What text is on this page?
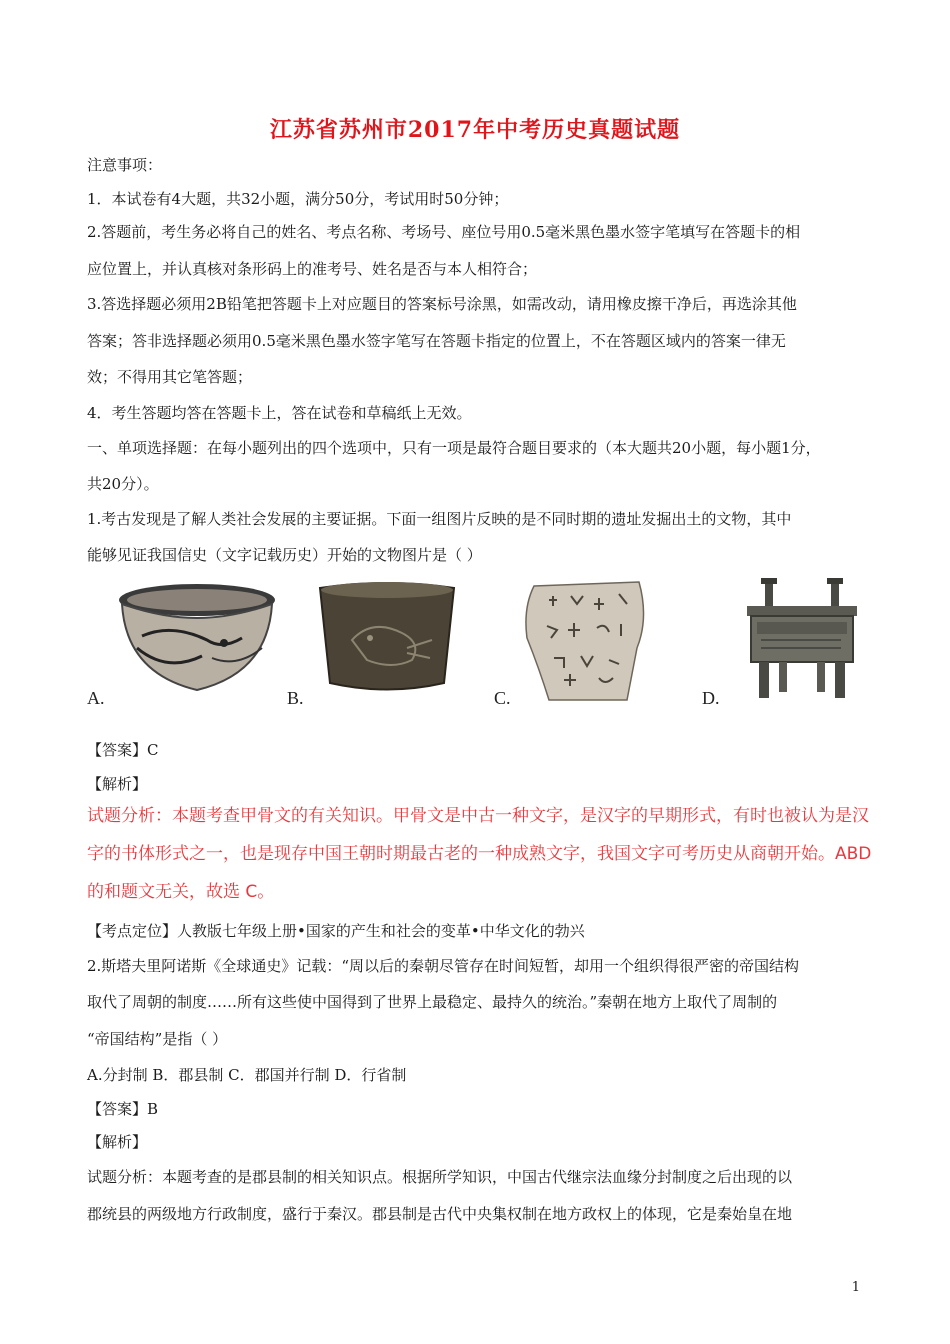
江苏省苏州市2017年中考历史真题试题
注意事项：
1．本试卷有4大题，共32小题，满分50分，考试用时50分钟；
2.答题前，考生务必将自己的姓名、考点名称、考场号、座位号用0.5毫米黑色墨水签字笔填写在答题卡的相
应位置上，并认真核对条形码上的准考号、姓名是否与本人相符合；
3.答选择题必须用2B铅笔把答题卡上对应题目的答案标号涂黑，如需改动，请用橡皮擦干净后，再选涂其他
答案；答非选择题必须用0.5毫米黑色墨水签字笔写在答题卡指定的位置上，不在答题区域内的答案一律无
效；不得用其它笔答题；
4．考生答题均答在答题卡上，答在试卷和草稿纸上无效。
一、单项选择题：在每小题列出的四个选项中，只有一项是最符合题目要求的（本大题共20小题，每小题1分，
共20分）。
1.考古发现是了解人类社会发展的主要证据。下面一组图片反映的是不同时期的遗址发掘出土的文物，其中
能够见证我国信史（文字记载历史）开始的文物图片是（ ）
A.	B.	C.	D.
【答案】C
【解析】
试题分析：本题考查甲骨文的有关知识。甲骨文是中古一种文字，是汉字的早期形式，有时也被认为是汉
字的书体形式之一，也是现存中国王朝时期最古老的一种成熟文字，我国文字可考历史从商朝开始。ABD
的和题文无关，故选 C。
【考点定位】人教版七年级上册•国家的产生和社会的变革•中华文化的勃兴
2.斯塔夫里阿诺斯《全球通史》记载：“周以后的秦朝尽管存在时间短暂，却用一个组织得很严密的帝国结构
取代了周朝的制度……所有这些使中国得到了世界上最稳定、最持久的统治。”秦朝在地方上取代了周制的
“帝国结构”是指（ ）
A.分封制 B．郡县制 C．郡国并行制 D．行省制
【答案】B
【解析】
试题分析：本题考查的是郡县制的相关知识点。根据所学知识，中国古代继宗法血缘分封制度之后出现的以
郡统县的两级地方行政制度，盛行于秦汉。郡县制是古代中央集权制在地方政权上的体现，它是秦始皇在地
1
